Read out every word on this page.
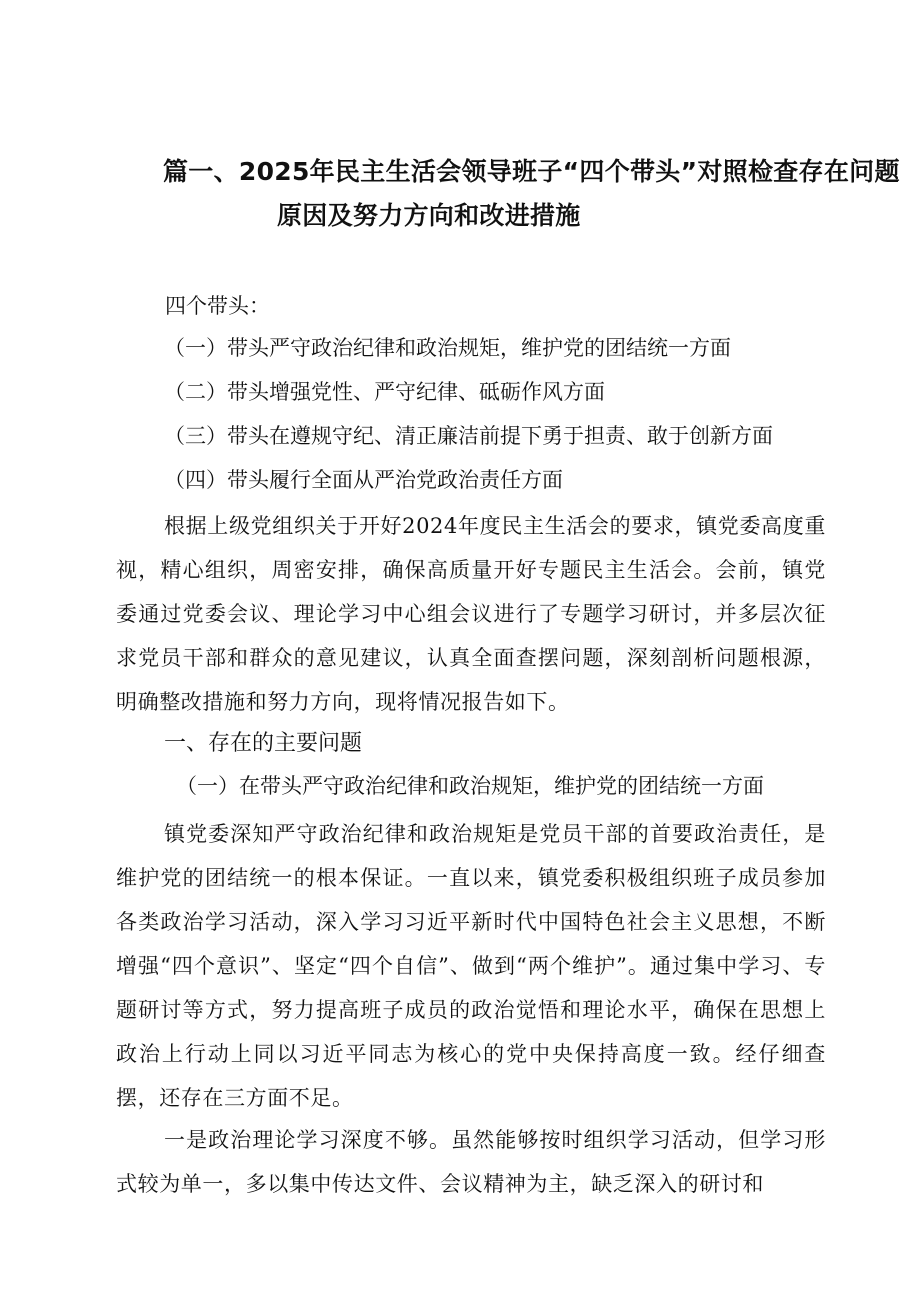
篇一、2025年民主生活会领导班子“四个带头”对照检查存在问题
原因及努力方向和改进措施
四个带头：
（一）带头严守政治纪律和政治规矩，维护党的团结统一方面
（二）带头增强党性、严守纪律、砥砺作风方面
（三）带头在遵规守纪、清正廉洁前提下勇于担责、敢于创新方面
（四）带头履行全面从严治党政治责任方面
根据上级党组织关于开好2024年度民主生活会的要求，镇党委高度重视，精心组织，周密安排，确保高质量开好专题民主生活会。会前，镇党委通过党委会议、理论学习中心组会议进行了专题学习研讨，并多层次征求党员干部和群众的意见建议，认真全面查摆问题，深刻剖析问题根源，明确整改措施和努力方向，现将情况报告如下。
一、存在的主要问题
（一）在带头严守政治纪律和政治规矩，维护党的团结统一方面
镇党委深知严守政治纪律和政治规矩是党员干部的首要政治责任，是维护党的团结统一的根本保证。一直以来，镇党委积极组织班子成员参加各类政治学习活动，深入学习习近平新时代中国特色社会主义思想，不断增强“四个意识”、坚定“四个自信”、做到“两个维护”。通过集中学习、专题研讨等方式，努力提高班子成员的政治觉悟和理论水平，确保在思想上政治上行动上同以习近平同志为核心的党中央保持高度一致。经仔细查摆，还存在三方面不足。
一是政治理论学习深度不够。虽然能够按时组织学习活动，但学习形式较为单一，多以集中传达文件、会议精神为主，缺乏深入的研讨和
